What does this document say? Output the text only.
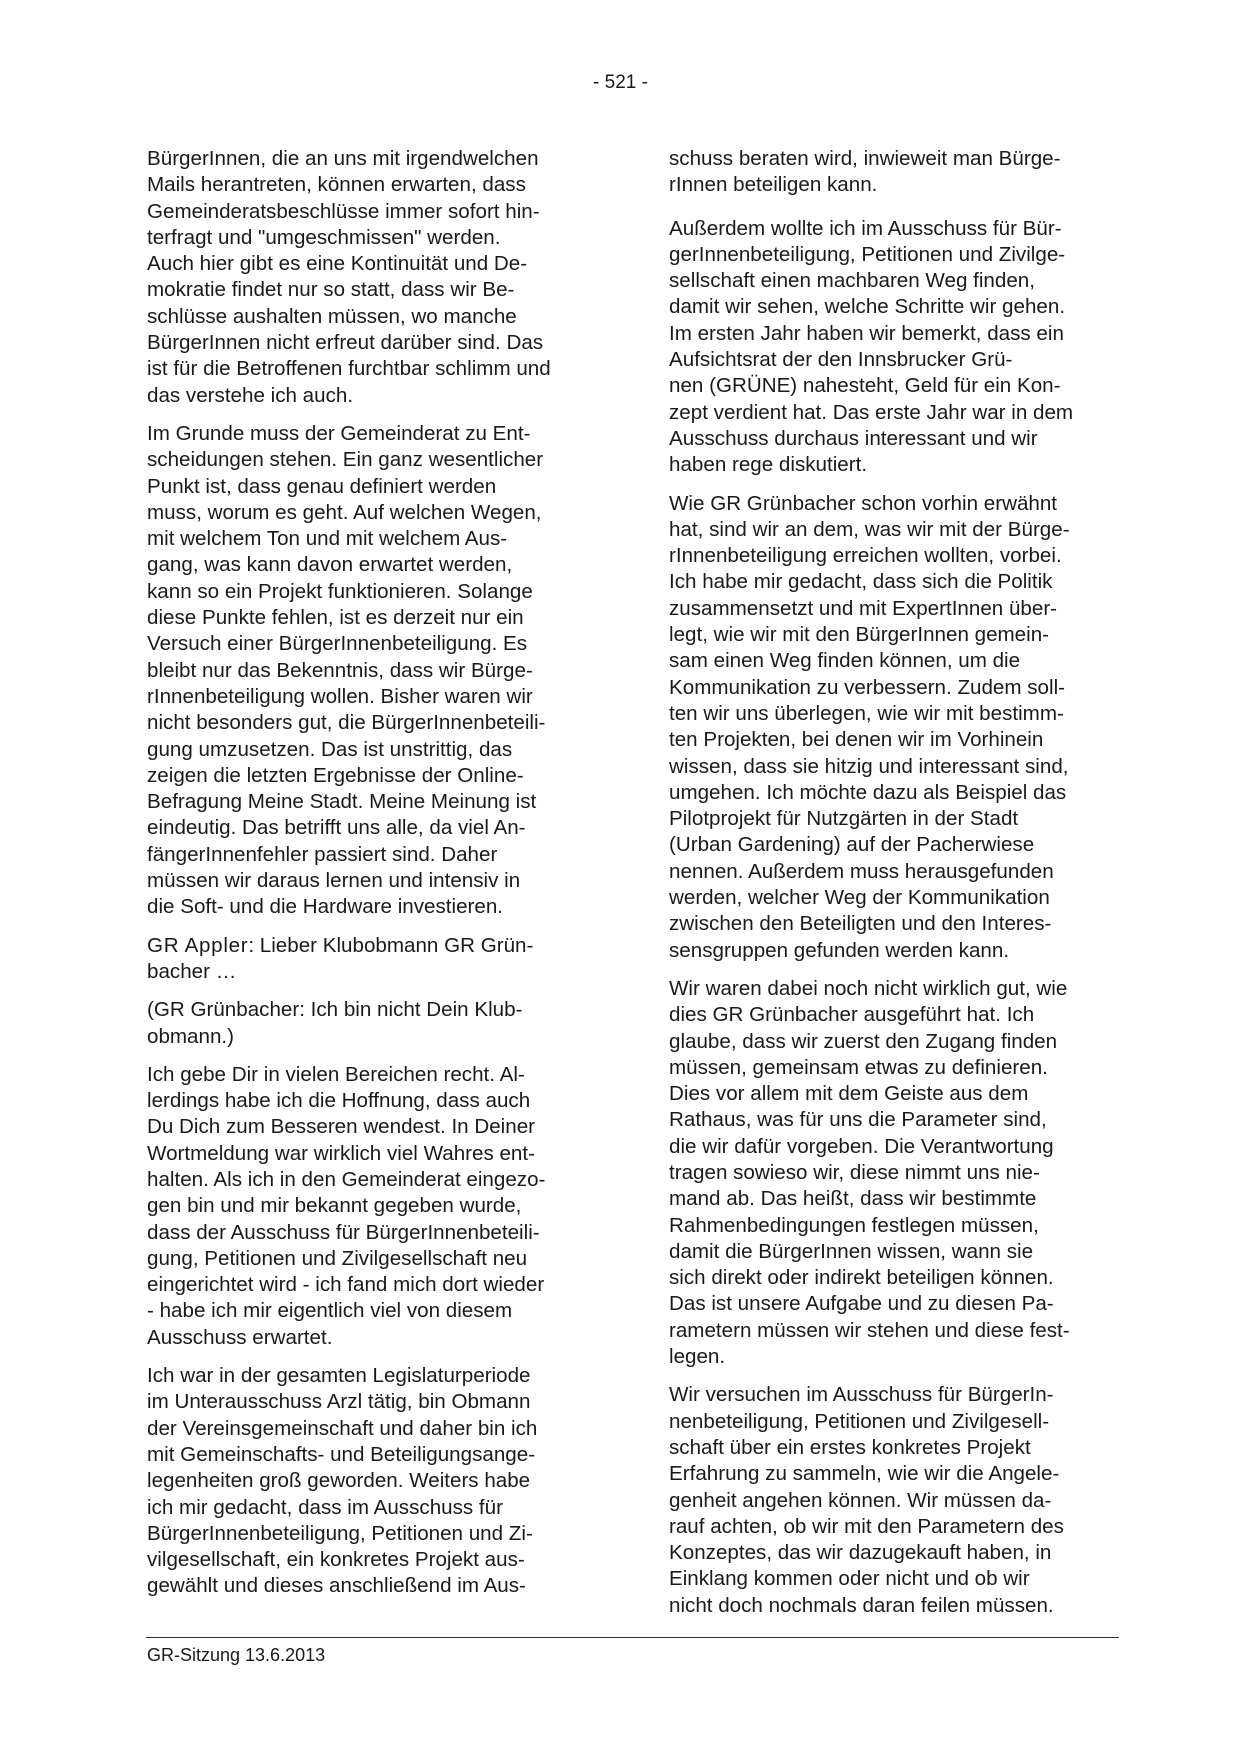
- 521 -

BürgerInnen, die an uns mit irgendwelchen
Mails herantreten, können erwarten, dass
Gemeinderatsbeschlüsse immer sofort hin-
terfragt und "umgeschmissen" werden.
Auch hier gibt es eine Kontinuität und De-
mokratie findet nur so statt, dass wir Be-
schlüsse aushalten müssen, wo manche
BürgerInnen nicht erfreut darüber sind. Das
ist für die Betroffenen furchtbar schlimm und
das verstehe ich auch.

Im Grunde muss der Gemeinderat zu Ent-
scheidungen stehen. Ein ganz wesentlicher
Punkt ist, dass genau definiert werden
muss, worum es geht. Auf welchen Wegen,
mit welchem Ton und mit welchem Aus-
gang, was kann davon erwartet werden,
kann so ein Projekt funktionieren. Solange
diese Punkte fehlen, ist es derzeit nur ein
Versuch einer BürgerInnenbeteiligung. Es
bleibt nur das Bekenntnis, dass wir Bürge-
rInnenbeteiligung wollen. Bisher waren wir
nicht besonders gut, die BürgerInnenbeteili-
gung umzusetzen. Das ist unstrittig, das
zeigen die letzten Ergebnisse der Online-
Befragung Meine Stadt. Meine Meinung ist
eindeutig. Das betrifft uns alle, da viel An-
fängerInnenfehler passiert sind. Daher
müssen wir daraus lernen und intensiv in
die Soft- und die Hardware investieren.

GR Appler: Lieber Klubobmann GR Grün-
bacher …

(GR Grünbacher: Ich bin nicht Dein Klub-
obmann.)

Ich gebe Dir in vielen Bereichen recht. Al-
lerdings habe ich die Hoffnung, dass auch
Du Dich zum Besseren wendest. In Deiner
Wortmeldung war wirklich viel Wahres ent-
halten. Als ich in den Gemeinderat eingezo-
gen bin und mir bekannt gegeben wurde,
dass der Ausschuss für BürgerInnenbeteili-
gung, Petitionen und Zivilgesellschaft neu
eingerichtet wird - ich fand mich dort wieder
- habe ich mir eigentlich viel von diesem
Ausschuss erwartet.

Ich war in der gesamten Legislaturperiode
im Unterausschuss Arzl tätig, bin Obmann
der Vereinsgemeinschaft und daher bin ich
mit Gemeinschafts- und Beteiligungsange-
legenheiten groß geworden. Weiters habe
ich mir gedacht, dass im Ausschuss für
BürgerInnenbeteiligung, Petitionen und Zi-
vilgesellschaft, ein konkretes Projekt aus-
gewählt und dieses anschließend im Aus-

schuss beraten wird, inwieweit man Bürge-
rInnen beteiligen kann.

Außerdem wollte ich im Ausschuss für Bür-
gerInnenbeteiligung, Petitionen und Zivilge-
sellschaft einen machbaren Weg finden,
damit wir sehen, welche Schritte wir gehen.
Im ersten Jahr haben wir bemerkt, dass ein
Aufsichtsrat der den Innsbrucker Grü-
nen (GRÜNE) nahesteht, Geld für ein Kon-
zept verdient hat. Das erste Jahr war in dem
Ausschuss durchaus interessant und wir
haben rege diskutiert.

Wie GR Grünbacher schon vorhin erwähnt
hat, sind wir an dem, was wir mit der Bürge-
rInnenbeteiligung erreichen wollten, vorbei.
Ich habe mir gedacht, dass sich die Politik
zusammensetzt und mit ExpertInnen über-
legt, wie wir mit den BürgerInnen gemein-
sam einen Weg finden können, um die
Kommunikation zu verbessern. Zudem soll-
ten wir uns überlegen, wie wir mit bestimm-
ten Projekten, bei denen wir im Vorhinein
wissen, dass sie hitzig und interessant sind,
umgehen. Ich möchte dazu als Beispiel das
Pilotprojekt für Nutzgärten in der Stadt
(Urban Gardening) auf der Pacherwiese
nennen. Außerdem muss herausgefunden
werden, welcher Weg der Kommunikation
zwischen den Beteiligten und den Interes-
sensgruppen gefunden werden kann.

Wir waren dabei noch nicht wirklich gut, wie
dies GR Grünbacher ausgeführt hat. Ich
glaube, dass wir zuerst den Zugang finden
müssen, gemeinsam etwas zu definieren.
Dies vor allem mit dem Geiste aus dem
Rathaus, was für uns die Parameter sind,
die wir dafür vorgeben. Die Verantwortung
tragen sowieso wir, diese nimmt uns nie-
mand ab. Das heißt, dass wir bestimmte
Rahmenbedingungen festlegen müssen,
damit die BürgerInnen wissen, wann sie
sich direkt oder indirekt beteiligen können.
Das ist unsere Aufgabe und zu diesen Pa-
rametern müssen wir stehen und diese fest-
legen.

Wir versuchen im Ausschuss für BürgerIn-
nenbeteiligung, Petitionen und Zivilgesell-
schaft über ein erstes konkretes Projekt
Erfahrung zu sammeln, wie wir die Angele-
genheit angehen können. Wir müssen da-
rauf achten, ob wir mit den Parametern des
Konzeptes, das wir dazugekauft haben, in
Einklang kommen oder nicht und ob wir
nicht doch nochmals daran feilen müssen.

GR-Sitzung 13.6.2013
